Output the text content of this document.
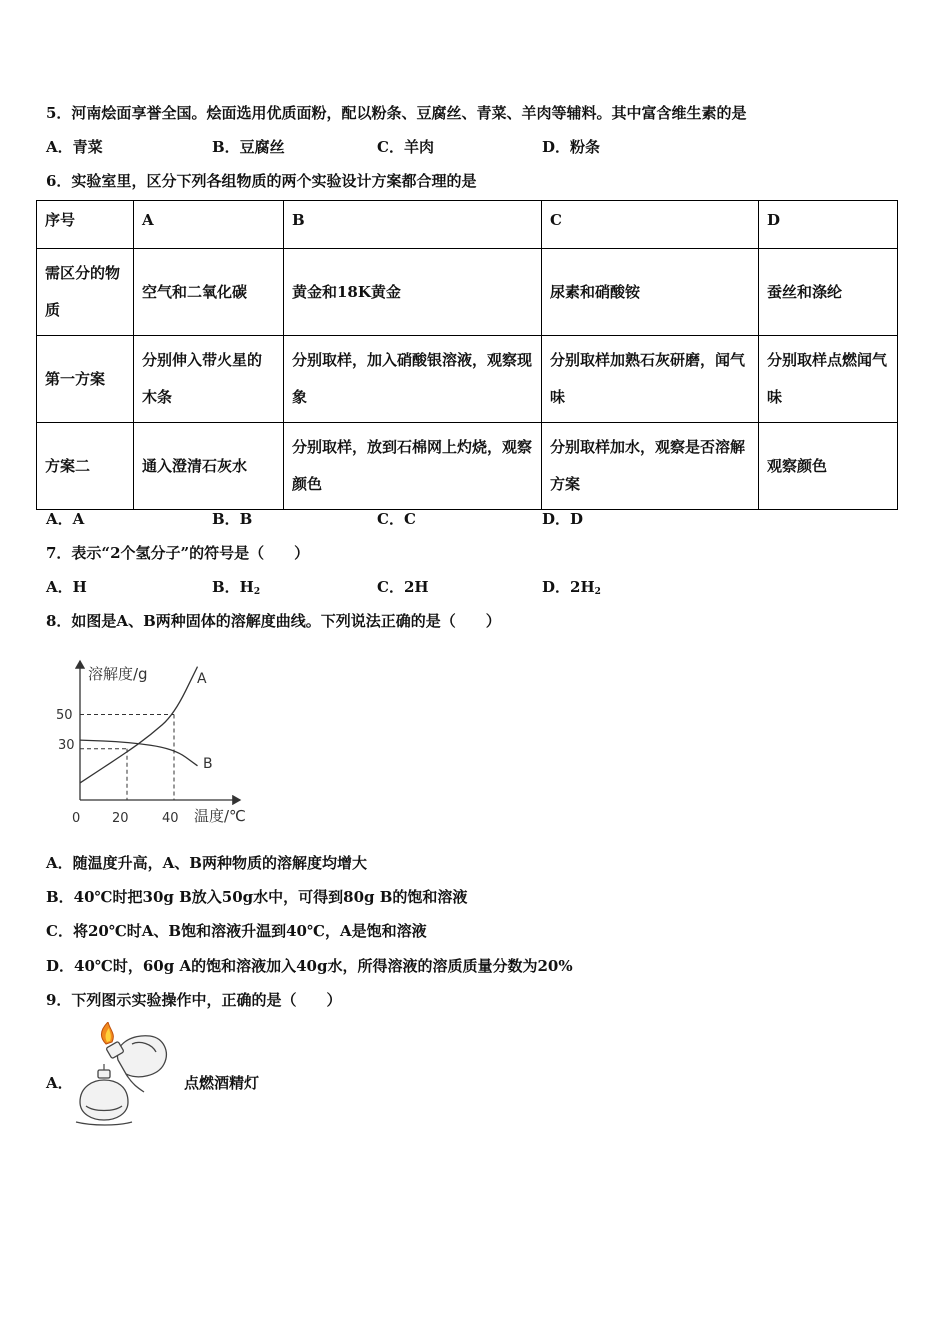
5．河南烩面享誉全国。烩面选用优质面粉，配以粉条、豆腐丝、青菜、羊肉等辅料。其中富含维生素的是
A．青菜	B．豆腐丝	C．羊肉	D．粉条
6．实验室里，区分下列各组物质的两个实验设计方案都合理的是
序号	A	B	C	D
需区分的物质	空气和二氧化碳	黄金和18K黄金	尿素和硝酸铵	蚕丝和涤纶
第一方案	分别伸入带火星的木条	分别取样，加入硝酸银溶液，观察现象	分别取样加熟石灰研磨，闻气味	分别取样点燃闻气味
方案二	通入澄清石灰水	分别取样，放到石棉网上灼烧，观察颜色	分别取样加水，观察是否溶解方案	观察颜色
A．A	B．B	C．C	D．D
7．表示“2个氢分子”的符号是（　　）
A．H	B．$H_2$	C．2H	D．$2H_2$
8．如图是A、B两种固体的溶解度曲线。下列说法正确的是（　　）
溶解度/g
温度/℃
0 20	40
50
30
A
B
A．随温度升高，A、B两种物质的溶解度均增大
B．40℃时把30g B放入50g水中，可得到80g B的饱和溶液
C．将20℃时A、B饱和溶液升温到40℃，A是饱和溶液
D．40℃时，60g A的饱和溶液加入40g水，所得溶液的溶质质量分数为20%
9．下列图示实验操作中，正确的是（　　）
A．	点燃酒精灯
